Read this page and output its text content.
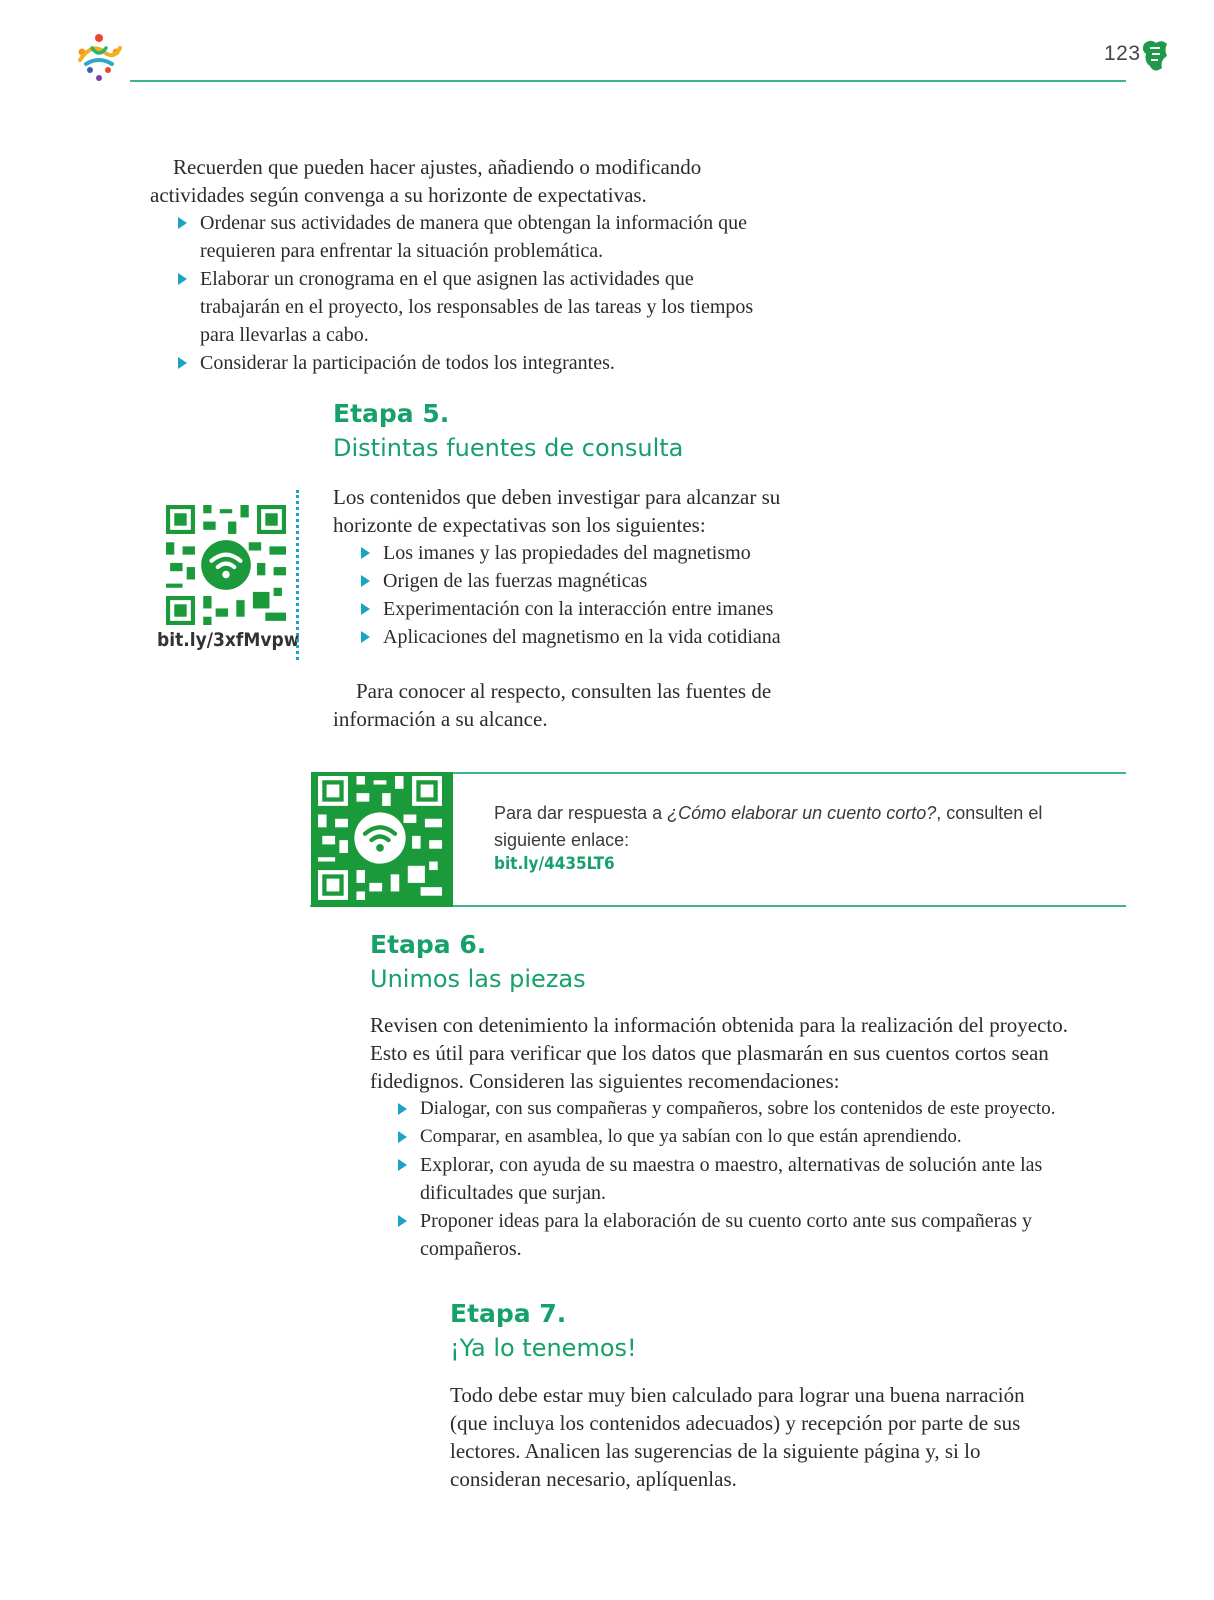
123

Recuerden que pueden hacer ajustes, añadiendo o modificando actividades según convenga a su horizonte de expectativas.

Ordenar sus actividades de manera que obtengan la información que requieren para enfrentar la situación problemática.
Elaborar un cronograma en el que asignen las actividades que trabajarán en el proyecto, los responsables de las tareas y los tiempos para llevarlas a cabo.
Considerar la participación de todos los integrantes.
Etapa 5.
Distintas fuentes de consulta
bit.ly/3xfMvpw

Los contenidos que deben investigar para alcanzar su horizonte de expectativas son los siguientes:

Los imanes y las propiedades del magnetismo
Origen de las fuerzas magnéticas
Experimentación con la interacción entre imanes
Aplicaciones del magnetismo en la vida cotidiana

Para conocer al respecto, consulten las fuentes de información a su alcance.

Para dar respuesta a ¿Cómo elaborar un cuento corto?, consulten el siguiente enlace:
bit.ly/4435LT6
Etapa 6.
Unimos las piezas

Revisen con detenimiento la información obtenida para la realización del proyecto. Esto es útil para verificar que los datos que plasmarán en sus cuentos cortos sean fidedignos. Consideren las siguientes recomendaciones:

Dialogar, con sus compañeras y compañeros, sobre los contenidos de este proyecto.
Comparar, en asamblea, lo que ya sabían con lo que están aprendiendo.
Explorar, con ayuda de su maestra o maestro, alternativas de solución ante las dificultades que surjan.
Proponer ideas para la elaboración de su cuento corto ante sus compañeras y compañeros.
Etapa 7.
¡Ya lo tenemos!

Todo debe estar muy bien calculado para lograr una buena narración (que incluya los contenidos adecuados) y recepción por parte de sus lectores. Analicen las sugerencias de la siguiente página y, si lo consideran necesario, aplíquenlas.
